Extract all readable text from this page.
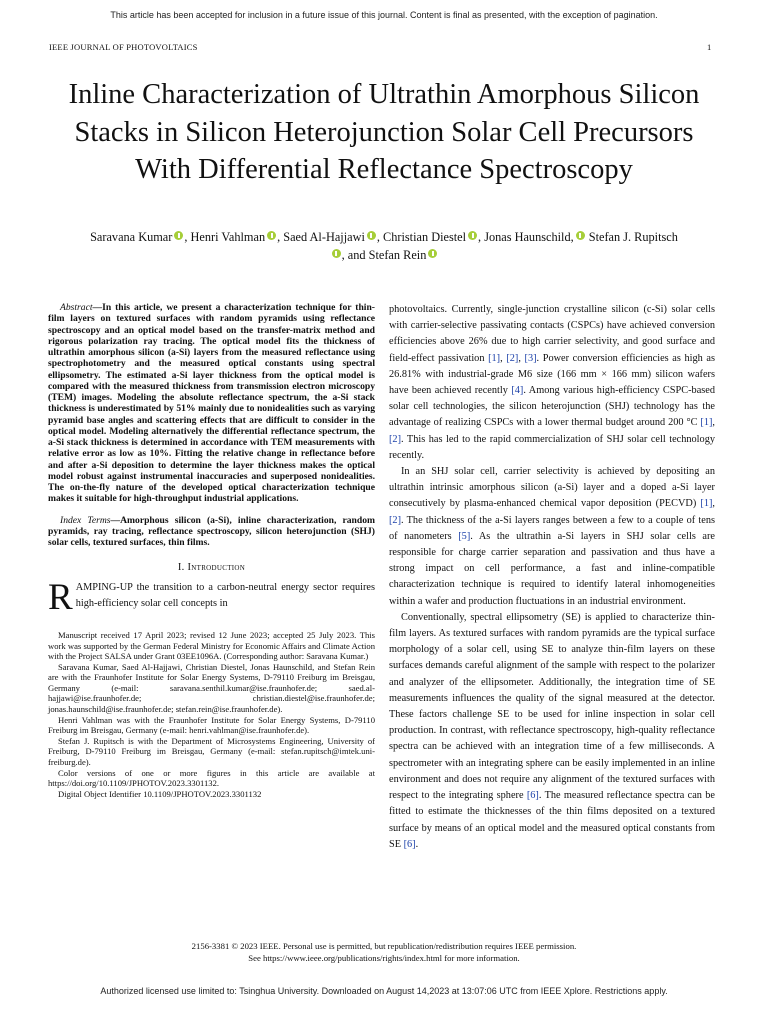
This article has been accepted for inclusion in a future issue of this journal. Content is final as presented, with the exception of pagination.
IEEE JOURNAL OF PHOTOVOLTAICS	1
Inline Characterization of Ultrathin Amorphous Silicon Stacks in Silicon Heterojunction Solar Cell Precursors With Differential Reflectance Spectroscopy
Saravana Kumar , Henri Vahlman , Saed Al-Hajjawi , Christian Diestel , Jonas Haunschild, Stefan J. Rupitsch, and Stefan Rein

Abstract—In this article, we present a characterization technique for thin-film layers on textured surfaces with random pyramids using reflectance spectroscopy and an optical model based on the transfer-matrix method and rigorous polarization ray tracing. The optical model fits the thickness of ultrathin amorphous silicon (a-Si) layers from the measured reflectance using spectrophotometry and the measured optical constants using spectral ellipsometry. The estimated a-Si layer thickness from the optical model is compared with the measured thickness from transmission electron microscopy (TEM) images. Modeling the absolute reflectance spectrum, the a-Si stack thickness is underestimated by 51% mainly due to nonidealities such as varying pyramid base angles and scattering effects that are difficult to consider in the optical model. Modeling alternatively the differential reflectance spectrum, the a-Si stack thickness is determined in accordance with TEM measurements with relative error as low as 10%. Fitting the relative change in reflectance before and after a-Si deposition to determine the layer thickness makes the optical model robust against instrumental inaccuracies and superposed nonidealities. The on-the-fly nature of the developed optical characterization technique makes it suitable for high-throughput industrial applications.

Index Terms—Amorphous silicon (a-Si), inline characterization, random pyramids, ray tracing, reflectance spectroscopy, silicon heterojunction (SHJ) solar cells, textured surfaces, thin films.

I. Introduction

RAMPING-UP the transition to a carbon-neutral energy sector requires high-efficiency solar cell concepts in

Manuscript received 17 April 2023; revised 12 June 2023; accepted 25 July 2023. This work was supported by the German Federal Ministry for Economic Affairs and Climate Action with the Project SALSA under Grant 03EE1096A. (Corresponding author: Saravana Kumar.)

Saravana Kumar, Saed Al-Hajjawi, Christian Diestel, Jonas Haunschild, and Stefan Rein are with the Fraunhofer Institute for Solar Energy Systems, D-79110 Freiburg im Breisgau, Germany (e-mail: saravana.senthil.kumar@ise.fraunhofer.de; saed.al-hajjawi@ise.fraunhofer.de; christian.diestel@ise.fraunhofer.de; jonas.haunschild@ise.fraunhofer.de; stefan.rein@ise.fraunhofer.de).

Henri Vahlman was with the Fraunhofer Institute for Solar Energy Systems, D-79110 Freiburg im Breisgau, Germany (e-mail: henri.vahlman@ise.fraunhofer.de).

Stefan J. Rupitsch is with the Department of Microsystems Engineering, University of Freiburg, D-79110 Freiburg im Breisgau, Germany (e-mail: stefan.rupitsch@imtek.uni-freiburg.de).

Color versions of one or more figures in this article are available at https://doi.org/10.1109/JPHOTOV.2023.3301132.

Digital Object Identifier 10.1109/JPHOTOV.2023.3301132

photovoltaics. Currently, single-junction crystalline silicon (c-Si) solar cells with carrier-selective passivating contacts (CSPCs) have achieved conversion efficiencies above 26% due to high carrier selectivity, and good surface and field-effect passivation [1], [2], [3]. Power conversion efficiencies as high as 26.81% with industrial-grade M6 size (166 mm × 166 mm) silicon wafers have been achieved recently [4]. Among various high-efficiency CSPC-based solar cell technologies, the silicon heterojunction (SHJ) technology has the advantage of realizing CSPCs with a lower thermal budget around 200 °C [1], [2]. This has led to the rapid commercialization of SHJ solar cell technology recently.

In an SHJ solar cell, carrier selectivity is achieved by depositing an ultrathin intrinsic amorphous silicon (a-Si) layer and a doped a-Si layer consecutively by plasma-enhanced chemical vapor deposition (PECVD) [1], [2]. The thickness of the a-Si layers ranges between a few to a couple of tens of nanometers [5]. As the ultrathin a-Si layers in SHJ solar cells are responsible for charge carrier separation and passivation and thus have a strong impact on cell performance, a fast and inline-compatible characterization technique is required to identify lateral inhomogeneities within a wafer and production fluctuations in an industrial environment.

Conventionally, spectral ellipsometry (SE) is applied to characterize thin-film layers. As textured surfaces with random pyramids are the typical surface morphology of a solar cell, using SE to analyze thin-film layers on these surfaces demands careful alignment of the sample with respect to the polarizer and analyzer of the ellipsometer. Additionally, the integration time of SE measurements influences the quality of the signal measured at the detector. These factors challenge SE to be used for inline inspection in solar cell production. In contrast, with reflectance spectroscopy, high-quality reflectance spectra can be achieved with an integration time of a few milliseconds. A spectrometer with an integrating sphere can be easily implemented in an inline environment and does not require any alignment of the textured surfaces with respect to the integrating sphere [6]. The measured reflectance spectra can be fitted to estimate the thicknesses of the thin films deposited on a textured surface by means of an optical model and the measured optical constants from SE [6].

2156-3381 © 2023 IEEE. Personal use is permitted, but republication/redistribution requires IEEE permission.
See https://www.ieee.org/publications/rights/index.html for more information.
Authorized licensed use limited to: Tsinghua University. Downloaded on August 14,2023 at 13:07:06 UTC from IEEE Xplore. Restrictions apply.
